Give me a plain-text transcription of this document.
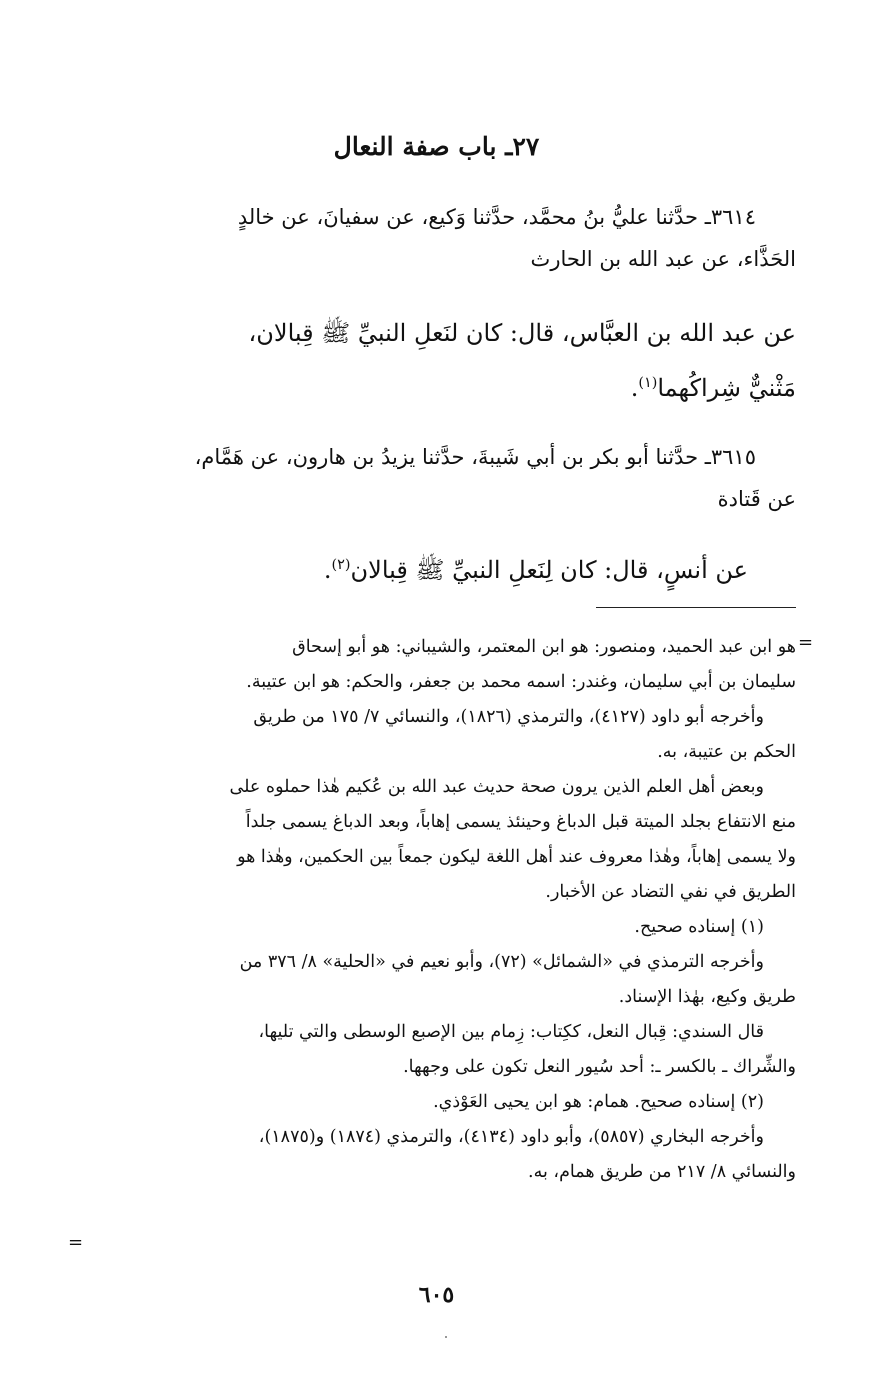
٢٧ـ باب صفة النعال
٣٦١٤ـ حدَّثنا عليُّ بنُ محمَّد، حدَّثنا وَكيع، عن سفيانَ، عن خالدٍ
الحَذَّاء، عن عبد الله بن الحارث
عن عبد الله بن العبَّاس، قال: كان لنَعلِ النبيِّ ﷺ قِبالان،
مَثْنيٌّ شِراكُهما$^{(١)}$.
٣٦١٥ـ حدَّثنا أبو بكر بن أبي شَيبةَ، حدَّثنا يزيدُ بن هارون، عن هَمَّام،
عن قَتادة
عن أنسٍ، قال: كان لِنَعلِ النبيِّ ﷺ قِبالان$^{(٢)}$.
=

هو ابن عبد الحميد، ومنصور: هو ابن المعتمر، والشيباني: هو أبو إسحاق

سليمان بن أبي سليمان، وغندر: اسمه محمد بن جعفر، والحكم: هو ابن عتيبة.

وأخرجه أبو داود (٤١٢٧)، والترمذي (١٨٢٦)، والنسائي ٧/ ١٧٥ من طريق

الحكم بن عتيبة، به.

وبعض أهل العلم الذين يرون صحة حديث عبد الله بن عُكيم هٰذا حملوه على

منع الانتفاع بجلد الميتة قبل الدباغ وحينئذ يسمى إهاباً، وبعد الدباغ يسمى جلداً

ولا يسمى إهاباً، وهٰذا معروف عند أهل اللغة ليكون جمعاً بين الحكمين، وهٰذا هو

الطريق في نفي التضاد عن الأخبار.

(١) إسناده صحيح.

وأخرجه الترمذي في «الشمائل» (٧٢)، وأبو نعيم في «الحلية» ٨/ ٣٧٦ من

طريق وكيع، بهٰذا الإسناد.

قال السندي: قِبال النعل، ككِتاب: زِمام بين الإصبع الوسطى والتي تليها،

والشِّراك ـ بالكسر ـ: أحد سُيور النعل تكون على وجهها.

(٢) إسناده صحيح. همام: هو ابن يحيى العَوْذي.

وأخرجه البخاري (٥٨٥٧)، وأبو داود (٤١٣٤)، والترمذي (١٨٧٤) و(١٨٧٥)،

والنسائي ٨/ ٢١٧ من طريق همام، به.

=
٦٠٥
